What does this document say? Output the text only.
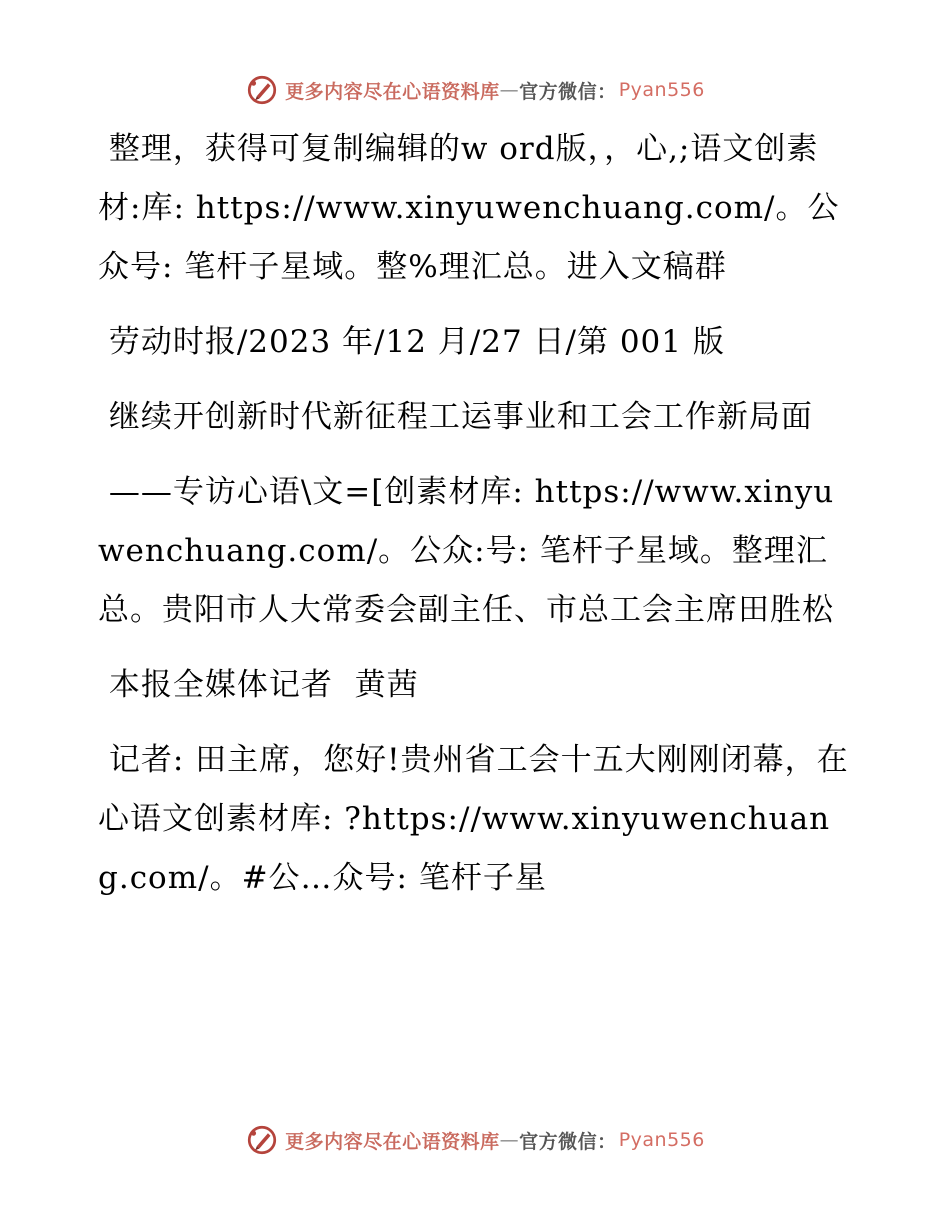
更多内容尽在心语资料库 — 官方微信： Pyan556

整理，获得可复制编辑的w ord版，，心,;语文创素材:库: https://www.xinyuwenchuang.com/。公众号: 笔杆子星域。整%理汇总。进入文稿群

劳动时报/2023 年/12 月/27 日/第 001 版

继续开创新时代新征程工运事业和工会工作新局面

——专访心语\文=[创素材库: https://www.xinyuwenchuang.com/。公众:号: 笔杆子星域。整理汇总。贵阳市人大常委会副主任、市总工会主席田胜松

本报全媒体记者  黄茜

记者: 田主席，您好!贵州省工会十五大刚刚闭幕，在心语文创素材库: ?https://www.xinyuwenchuang.com/。#公…众号: 笔杆子星

更多内容尽在心语资料库 — 官方微信： Pyan556
